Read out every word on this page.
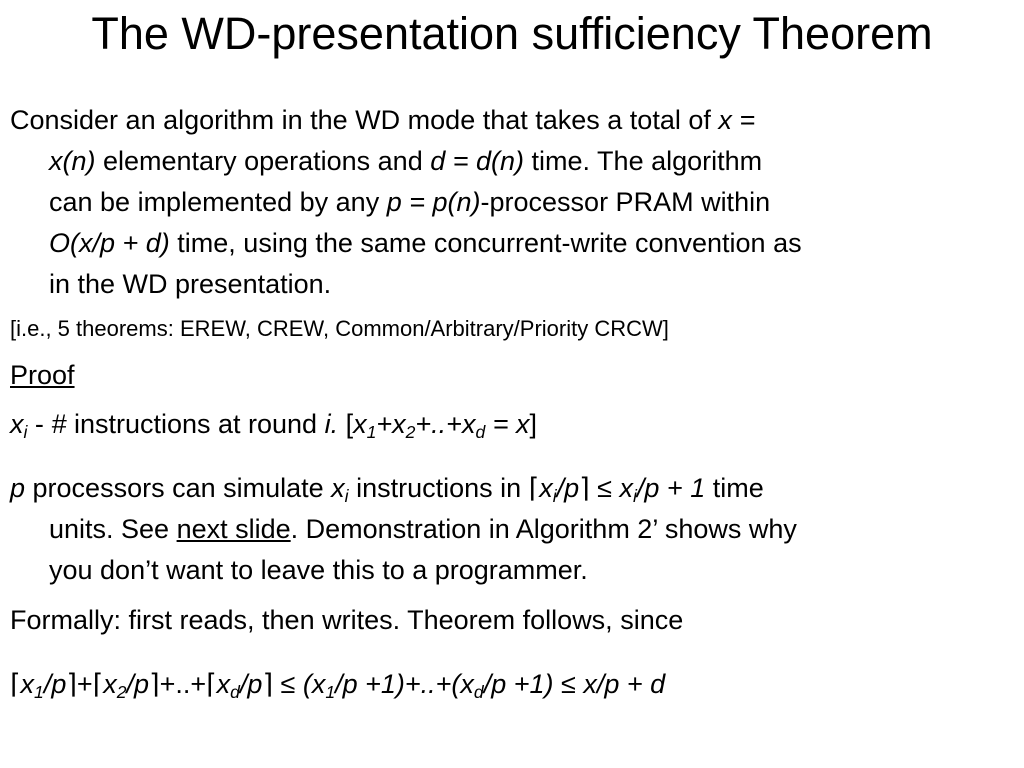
The WD-presentation sufficiency Theorem
Consider an algorithm in the WD mode that takes a total of x =
x(n) elementary operations and d = d(n) time. The algorithm
can be implemented by any p = p(n)-processor PRAM within
O(x/p + d) time, using the same concurrent-write convention as
in the WD presentation.
[i.e., 5 theorems: EREW, CREW, Common/Arbitrary/Priority CRCW]
Proof
$x_i$ - # instructions at round i. $[x_1+x_2+..+x_d = x]$
p processors can simulate $x_i$ instructions in $⌈x_i/p⌉ \le x_i/p + 1$ time
units. See next slide. Demonstration in Algorithm 2’ shows why
you don’t want to leave this to a programmer.
Formally: first reads, then writes. Theorem follows, since
$⌈x_1/p⌉+⌈x_2/p⌉+..+⌈x_d/p⌉ \le (x_1/p +1)+..+(x_d/p +1) \le x/p + d$
